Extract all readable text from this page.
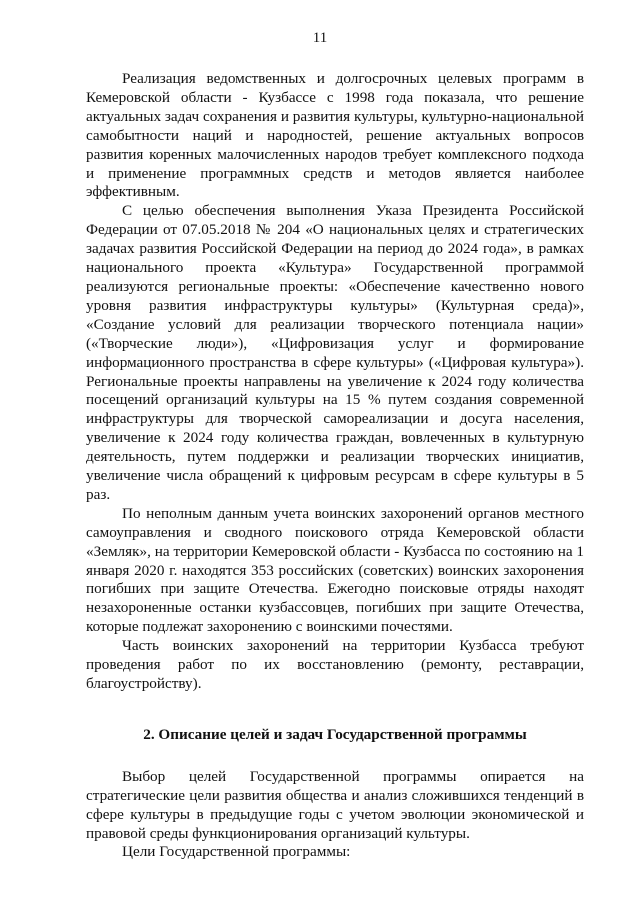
11

Реализация ведомственных и долгосрочных целевых программ в Кемеровской области - Кузбассе с 1998 года показала, что решение актуальных задач сохранения и развития культуры, культурно-национальной самобытности наций и народностей, решение актуальных вопросов развития коренных малочисленных народов требует комплексного подхода и применение программных средств и методов является наиболее эффективным.

С целью обеспечения выполнения Указа Президента Российской Федерации от 07.05.2018 № 204 «О национальных целях и стратегических задачах развития Российской Федерации на период до 2024 года», в рамках национального проекта «Культура» Государственной программой реализуются региональные проекты: «Обеспечение качественно нового уровня развития инфраструктуры культуры» (Культурная среда)», «Создание условий для реализации творческого потенциала нации» («Творческие люди»), «Цифровизация услуг и формирование информационного пространства в сфере культуры» («Цифровая культура»). Региональные проекты направлены на увеличение к 2024 году количества посещений организаций культуры на 15 % путем создания современной инфраструктуры для творческой самореализации и досуга населения, увеличение к 2024 году количества граждан, вовлеченных в культурную деятельность, путем поддержки и реализации творческих инициатив, увеличение числа обращений к цифровым ресурсам в сфере культуры в 5 раз.

По неполным данным учета воинских захоронений органов местного самоуправления и сводного поискового отряда Кемеровской области «Земляк», на территории Кемеровской области - Кузбасса по состоянию на 1 января 2020 г. находятся 353 российских (советских) воинских захоронения погибших при защите Отечества. Ежегодно поисковые отряды находят незахороненные останки кузбассовцев, погибших при защите Отечества, которые подлежат захоронению с воинскими почестями.

Часть воинских захоронений на территории Кузбасса требуют проведения работ по их восстановлению (ремонту, реставрации, благоустройству).

2. Описание целей и задач Государственной программы

Выбор целей Государственной программы опирается на стратегические цели развития общества и анализ сложившихся тенденций в сфере культуры в предыдущие годы с учетом эволюции экономической и правовой среды функционирования организаций культуры.

Цели Государственной программы:
